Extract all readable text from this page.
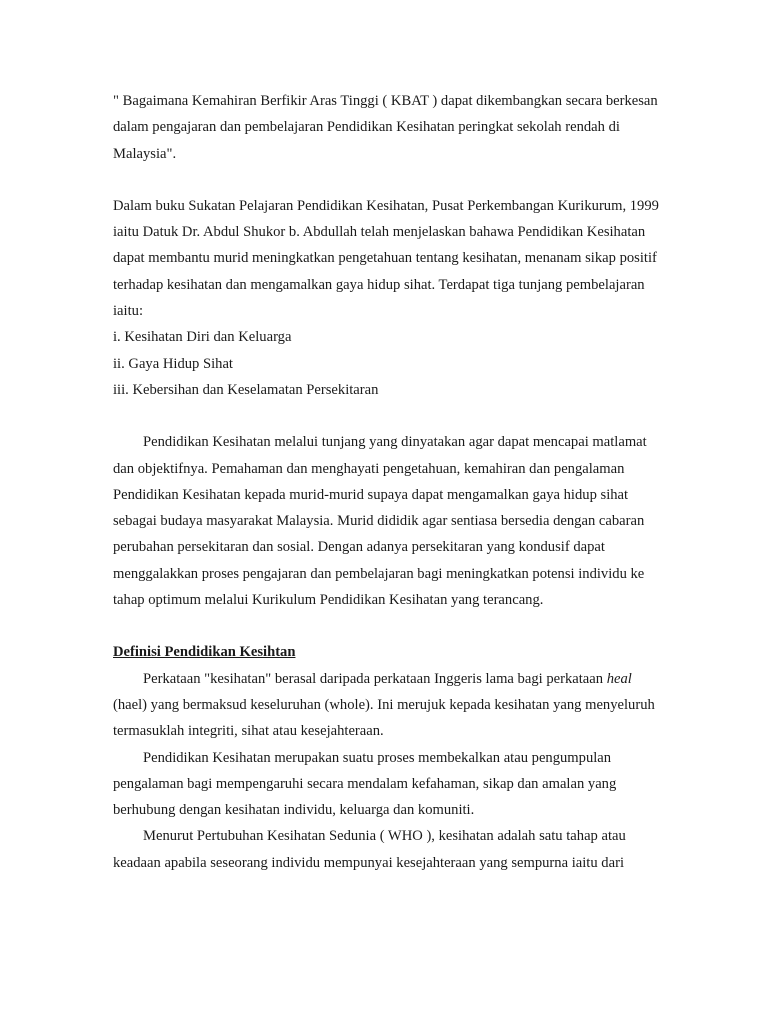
" Bagaimana Kemahiran Berfikir Aras Tinggi ( KBAT ) dapat dikembangkan secara berkesan dalam pengajaran dan pembelajaran Pendidikan Kesihatan peringkat sekolah rendah di Malaysia".

Dalam buku Sukatan Pelajaran Pendidikan Kesihatan, Pusat Perkembangan Kurikurum, 1999 iaitu Datuk Dr. Abdul Shukor b. Abdullah telah menjelaskan bahawa Pendidikan Kesihatan dapat membantu murid meningkatkan pengetahuan tentang kesihatan, menanam sikap positif terhadap kesihatan dan mengamalkan gaya hidup sihat. Terdapat tiga tunjang pembelajaran iaitu:

i. Kesihatan Diri dan Keluarga

ii. Gaya Hidup Sihat

iii. Kebersihan dan Keselamatan Persekitaran

Pendidikan Kesihatan melalui tunjang yang dinyatakan agar dapat mencapai matlamat dan objektifnya. Pemahaman dan menghayati pengetahuan, kemahiran dan pengalaman Pendidikan Kesihatan kepada murid-murid supaya dapat mengamalkan gaya hidup sihat sebagai budaya masyarakat Malaysia. Murid dididik agar sentiasa bersedia dengan cabaran perubahan persekitaran dan sosial. Dengan adanya persekitaran yang kondusif dapat menggalakkan proses pengajaran dan pembelajaran bagi meningkatkan potensi individu ke tahap optimum melalui Kurikulum Pendidikan Kesihatan yang terancang.

Definisi Pendidikan Kesihtan

Perkataan "kesihatan" berasal daripada perkataan Inggeris lama bagi perkataan heal (hael) yang bermaksud keseluruhan (whole). Ini merujuk kepada kesihatan yang menyeluruh termasuklah integriti, sihat atau kesejahteraan.

Pendidikan Kesihatan merupakan suatu proses membekalkan atau pengumpulan pengalaman bagi mempengaruhi secara mendalam kefahaman, sikap dan amalan yang berhubung dengan kesihatan individu, keluarga dan komuniti.

Menurut Pertubuhan Kesihatan Sedunia ( WHO ), kesihatan adalah satu tahap atau keadaan apabila seseorang individu mempunyai kesejahteraan yang sempurna iaitu dari
